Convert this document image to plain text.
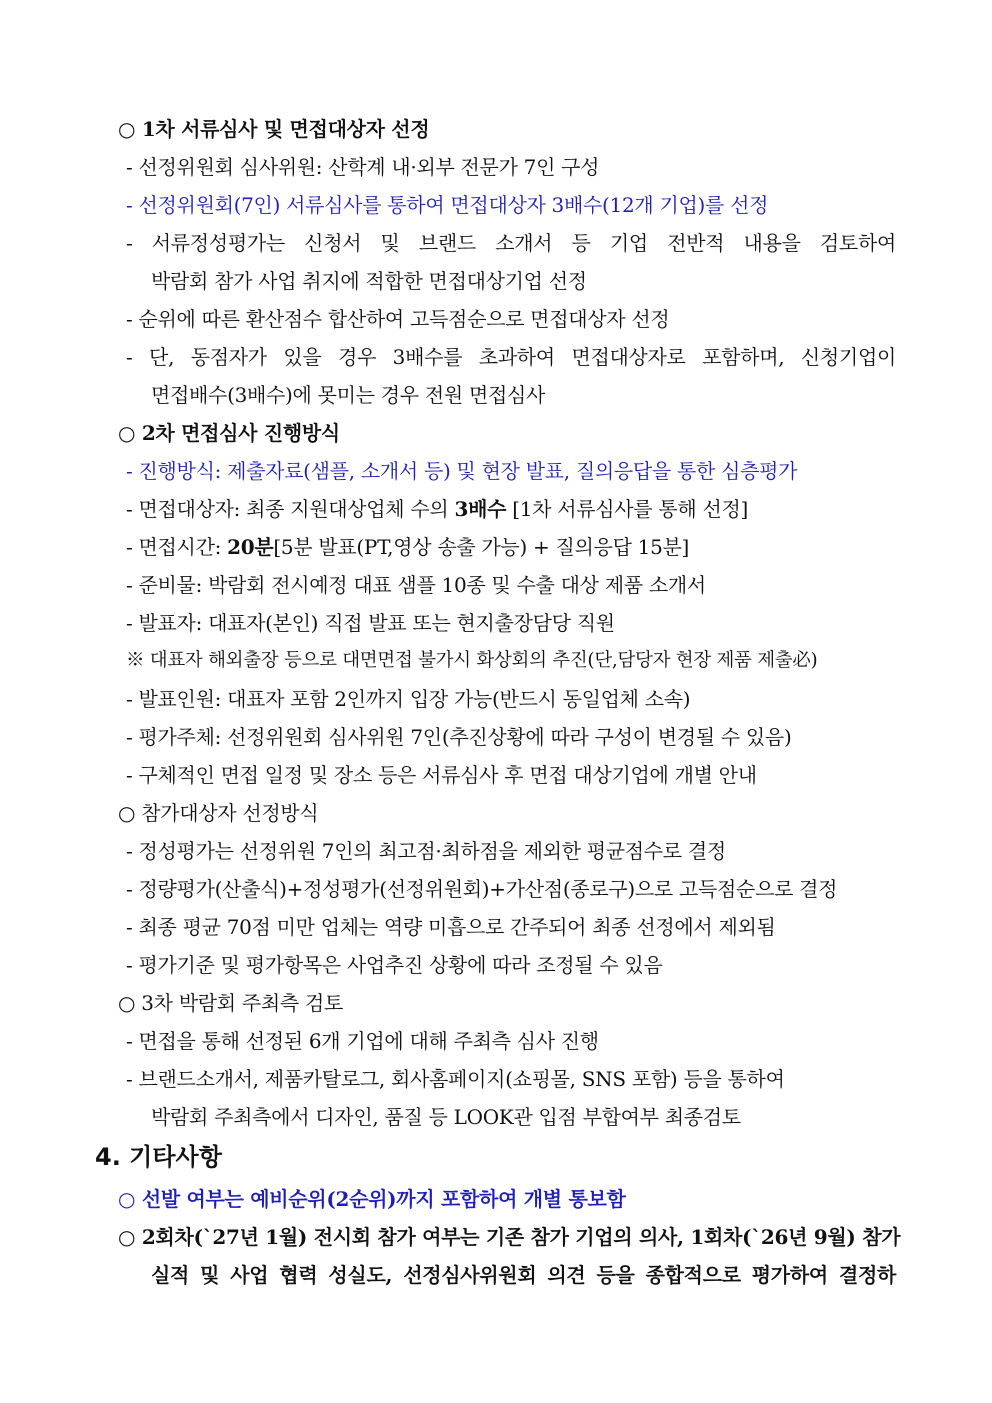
○ 1차 서류심사 및 면접대상자 선정
- 선정위원회 심사위원: 산학계 내·외부 전문가 7인 구성
- 선정위원회(7인) 서류심사를 통하여 면접대상자 3배수(12개 기업)를 선정
- 서류정성평가는 신청서 및 브랜드 소개서 등 기업 전반적 내용을 검토하여
박람회 참가 사업 취지에 적합한 면접대상기업 선정
- 순위에 따른 환산점수 합산하여 고득점순으로 면접대상자 선정
- 단, 동점자가 있을 경우 3배수를 초과하여 면접대상자로 포함하며, 신청기업이
면접배수(3배수)에 못미는 경우 전원 면접심사
○ 2차 면접심사 진행방식
- 진행방식: 제출자료(샘플, 소개서 등) 및 현장 발표, 질의응답을 통한 심층평가
- 면접대상자: 최종 지원대상업체 수의 3배수 [1차 서류심사를 통해 선정]
- 면접시간: 20분[5분 발표(PT,영상 송출 가능) + 질의응답 15분]
- 준비물: 박람회 전시예정 대표 샘플 10종 및 수출 대상 제품 소개서
- 발표자: 대표자(본인) 직접 발표 또는 현지출장담당 직원
※ 대표자 해외출장 등으로 대면면접 불가시 화상회의 추진(단,담당자 현장 제품 제출必)
- 발표인원: 대표자 포함 2인까지 입장 가능(반드시 동일업체 소속)
- 평가주체: 선정위원회 심사위원 7인(추진상황에 따라 구성이 변경될 수 있음)
- 구체적인 면접 일정 및 장소 등은 서류심사 후 면접 대상기업에 개별 안내
○ 참가대상자 선정방식
- 정성평가는 선정위원 7인의 최고점·최하점을 제외한 평균점수로 결정
- 정량평가(산출식)+정성평가(선정위원회)+가산점(종로구)으로 고득점순으로 결정
- 최종 평균 70점 미만 업체는 역량 미흡으로 간주되어 최종 선정에서 제외됨
- 평가기준 및 평가항목은 사업추진 상황에 따라 조정될 수 있음
○ 3차 박람회 주최측 검토
- 면접을 통해 선정된 6개 기업에 대해 주최측 심사 진행
- 브랜드소개서, 제품카탈로그, 회사홈페이지(쇼핑몰, SNS 포함) 등을 통하여
박람회 주최측에서 디자인, 품질 등 LOOK관 입점 부합여부 최종검토
4. 기타사항
○ 선발 여부는 예비순위(2순위)까지 포함하여 개별 통보함
○ 2회차(`27년 1월) 전시회 참가 여부는 기존 참가 기업의 의사, 1회차(`26년 9월) 참가
실적 및 사업 협력 성실도, 선정심사위원회 의견 등을 종합적으로 평가하여 결정하
